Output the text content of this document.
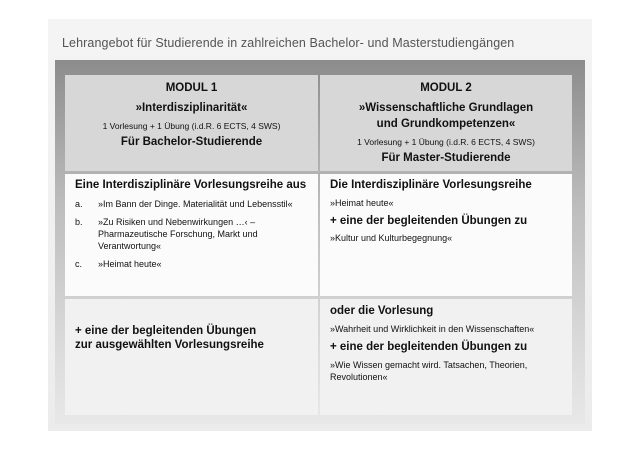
Lehrangebot für Studierende in zahlreichen Bachelor- und Masterstudiengängen
MODUL 1
»Interdisziplinarität«
1 Vorlesung + 1 Übung (i.d.R. 6 ECTS, 4 SWS)
Für Bachelor-Studierende
MODUL 2
»Wissenschaftliche Grundlagen
und Grundkompetenzen«
1 Vorlesung + 1 Übung (i.d.R. 6 ECTS, 4 SWS)
Für Master-Studierende
Eine Interdisziplinäre Vorlesungsreihe aus
a. »Im Bann der Dinge. Materialität und Lebensstil«
b. »Zu Risiken und Nebenwirkungen …‹ – Pharmazeutische Forschung, Markt und Verantwortung«
c. »Heimat heute«
Die Interdisziplinäre Vorlesungsreihe
»Heimat heute«
+ eine der begleitenden Übungen zu
»Kultur und Kulturbegegnung«
+ eine der begleitenden Übungen
zur ausgewählten Vorlesungsreihe
oder die Vorlesung
»Wahrheit und Wirklichkeit in den Wissenschaften«
+ eine der begleitenden Übungen zu
»Wie Wissen gemacht wird. Tatsachen, Theorien, Revolutionen«
